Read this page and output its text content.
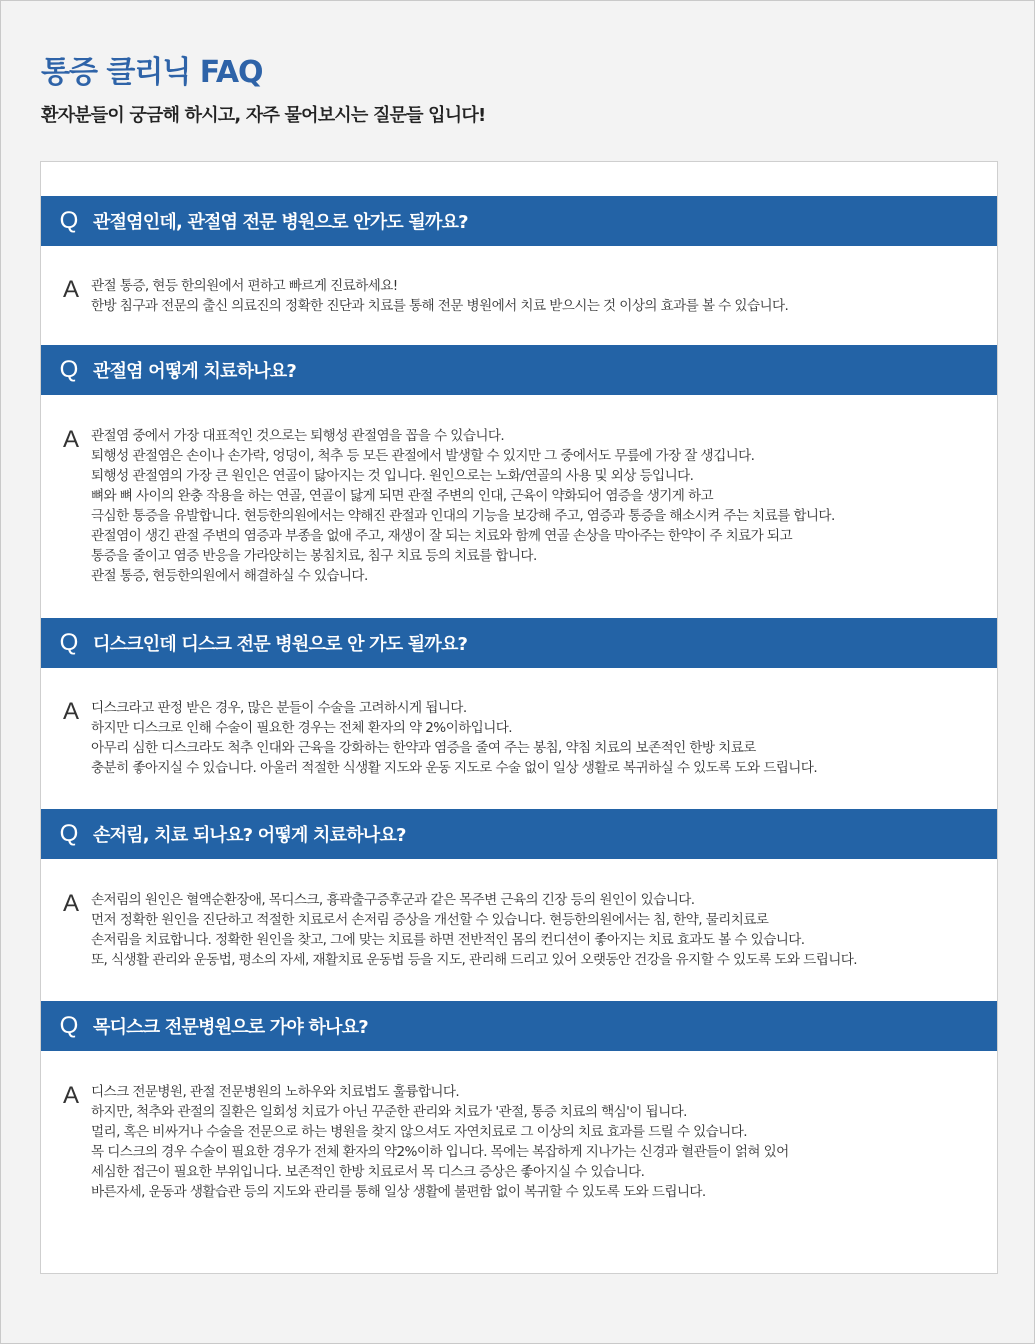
통증 클리닉 FAQ

환자분들이 궁금해 하시고, 자주 물어보시는 질문들 입니다!

Q 관절염인데, 관절염 전문 병원으로 안가도 될까요?
A 관절 통증, 현등 한의원에서 편하고 빠르게 진료하세요!
한방 침구과 전문의 출신 의료진의 정확한 진단과 치료를 통해 전문 병원에서 치료 받으시는 것 이상의 효과를 볼 수 있습니다.
Q 관절염 어떻게 치료하나요?
A 관절염 중에서 가장 대표적인 것으로는 퇴행성 관절염을 꼽을 수 있습니다.
퇴행성 관절염은 손이나 손가락, 엉덩이, 척추 등 모든 관절에서 발생할 수 있지만 그 중에서도 무릎에 가장 잘 생깁니다.
퇴행성 관절염의 가장 큰 원인은 연골이 닳아지는 것 입니다. 원인으로는 노화/연골의 사용 및 외상 등입니다.
뼈와 뼈 사이의 완충 작용을 하는 연골, 연골이 닳게 되면 관절 주변의 인대, 근육이 약화되어 염증을 생기게 하고
극심한 통증을 유발합니다. 현등한의원에서는 약해진 관절과 인대의 기능을 보강해 주고, 염증과 통증을 해소시켜 주는 치료를 합니다.
관절염이 생긴 관절 주변의 염증과 부종을 없애 주고, 재생이 잘 되는 치료와 함께 연골 손상을 막아주는 한약이 주 치료가 되고
통증을 줄이고 염증 반응을 가라앉히는 봉침치료, 침구 치료 등의 치료를 합니다.
관절 통증, 현등한의원에서 해결하실 수 있습니다.
Q 디스크인데 디스크 전문 병원으로 안 가도 될까요?
A 디스크라고 판정 받은 경우, 많은 분들이 수술을 고려하시게 됩니다.
하지만 디스크로 인해 수술이 필요한 경우는 전체 환자의 약 2%이하입니다.
아무리 심한 디스크라도 척추 인대와 근육을 강화하는 한약과 염증을 줄여 주는 봉침, 약침 치료의 보존적인 한방 치료로
충분히 좋아지실 수 있습니다. 아울러 적절한 식생활 지도와 운동 지도로 수술 없이 일상 생활로 복귀하실 수 있도록 도와 드립니다.
Q 손저림, 치료 되나요? 어떻게 치료하나요?
A 손저림의 원인은 혈액순환장애, 목디스크, 흉곽출구증후군과 같은 목주변 근육의 긴장 등의 원인이 있습니다.
먼저 정확한 원인을 진단하고 적절한 치료로서 손저림 증상을 개선할 수 있습니다. 현등한의원에서는 침, 한약, 물리치료로
손저림을 치료합니다. 정확한 원인을 찾고, 그에 맞는 치료를 하면 전반적인 몸의 컨디션이 좋아지는 치료 효과도 볼 수 있습니다.
또, 식생활 관리와 운동법, 평소의 자세, 재활치료 운동법 등을 지도, 관리해 드리고 있어 오랫동안 건강을 유지할 수 있도록 도와 드립니다.
Q 목디스크 전문병원으로 가야 하나요?
A 디스크 전문병원, 관절 전문병원의 노하우와 치료법도 훌륭합니다.
하지만, 척추와 관절의 질환은 일회성 치료가 아닌 꾸준한 관리와 치료가 '관절, 통증 치료의 핵심'이 됩니다.
멀리, 혹은 비싸거나 수술을 전문으로 하는 병원을 찾지 않으셔도 자연치료로 그 이상의 치료 효과를 드릴 수 있습니다.
목 디스크의 경우 수술이 필요한 경우가 전체 환자의 약2%이하 입니다. 목에는 복잡하게 지나가는 신경과 혈관들이 얽혀 있어
세심한 접근이 필요한 부위입니다. 보존적인 한방 치료로서 목 디스크 증상은 좋아지실 수 있습니다.
바른자세, 운동과 생활습관 등의 지도와 관리를 통해 일상 생활에 불편함 없이 복귀할 수 있도록 도와 드립니다.
